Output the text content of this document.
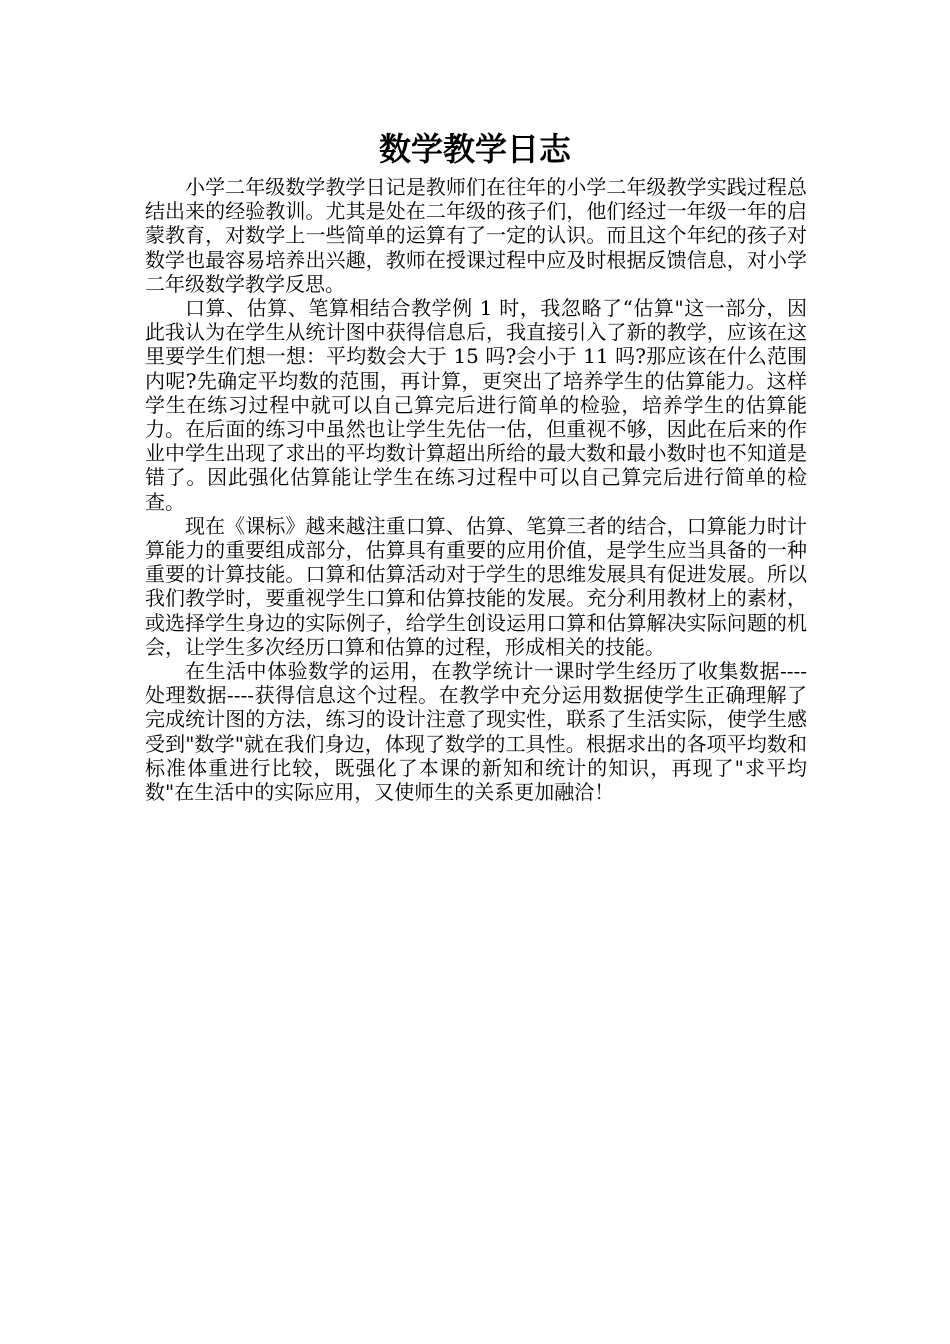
数学教学日志

小学二年级数学教学日记是教师们在往年的小学二年级教学实践过程总结出来的经验教训。尤其是处在二年级的孩子们，他们经过一年级一年的启蒙教育，对数学上一些简单的运算有了一定的认识。而且这个年纪的孩子对数学也最容易培养出兴趣，教师在授课过程中应及时根据反馈信息，对小学二年级数学教学反思。

口算、估算、笔算相结合教学例 1 时，我忽略了“估算"这一部分，因此我认为在学生从统计图中获得信息后，我直接引入了新的教学，应该在这里要学生们想一想：平均数会大于 15 吗?会小于 11 吗?那应该在什么范围内呢?先确定平均数的范围，再计算，更突出了培养学生的估算能力。这样学生在练习过程中就可以自己算完后进行简单的检验，培养学生的估算能力。在后面的练习中虽然也让学生先估一估，但重视不够，因此在后来的作业中学生出现了求出的平均数计算超出所给的最大数和最小数时也不知道是错了。因此强化估算能让学生在练习过程中可以自己算完后进行简单的检查。

现在《课标》越来越注重口算、估算、笔算三者的结合，口算能力时计算能力的重要组成部分，估算具有重要的应用价值，是学生应当具备的一种重要的计算技能。口算和估算活动对于学生的思维发展具有促进发展。所以我们教学时，要重视学生口算和估算技能的发展。充分利用教材上的素材，或选择学生身边的实际例子，给学生创设运用口算和估算解决实际问题的机会，让学生多次经历口算和估算的过程，形成相关的技能。

在生活中体验数学的运用，在教学统计一课时学生经历了收集数据----处理数据----获得信息这个过程。在教学中充分运用数据使学生正确理解了完成统计图的方法，练习的设计注意了现实性，联系了生活实际，使学生感受到"数学"就在我们身边，体现了数学的工具性。根据求出的各项平均数和标准体重进行比较，既强化了本课的新知和统计的知识，再现了"求平均数"在生活中的实际应用，又使师生的关系更加融洽！
